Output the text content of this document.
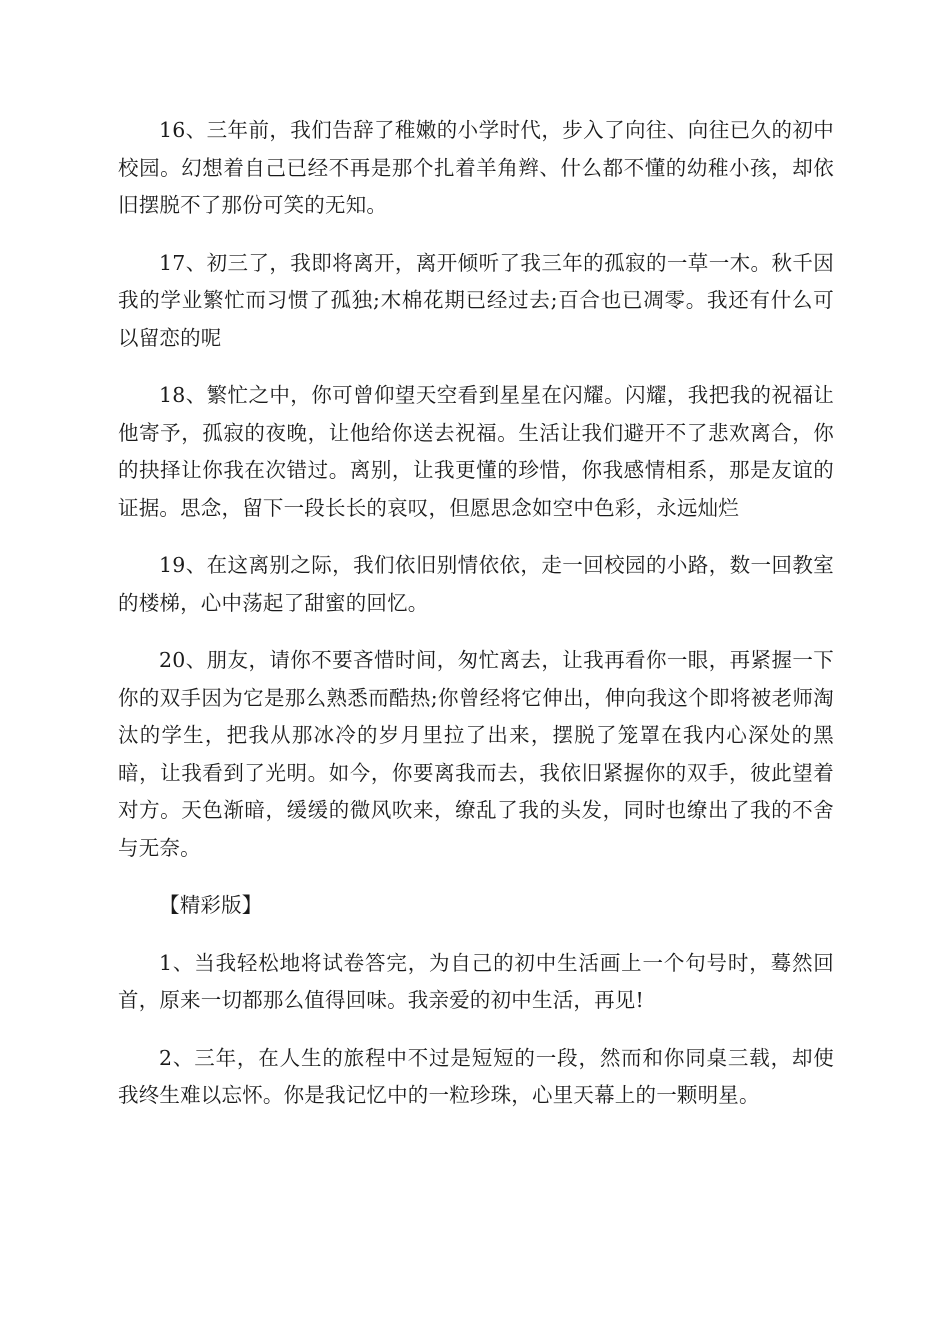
16、三年前，我们告辞了稚嫩的小学时代，步入了向往、向往已久的初中校园。幻想着自己已经不再是那个扎着羊角辫、什么都不懂的幼稚小孩，却依旧摆脱不了那份可笑的无知。

17、初三了，我即将离开，离开倾听了我三年的孤寂的一草一木。秋千因我的学业繁忙而习惯了孤独;木棉花期已经过去;百合也已凋零。我还有什么可以留恋的呢

18、繁忙之中，你可曾仰望天空看到星星在闪耀。闪耀，我把我的祝福让他寄予，孤寂的夜晚，让他给你送去祝福。生活让我们避开不了悲欢离合，你的抉择让你我在次错过。离别，让我更懂的珍惜，你我感情相系，那是友谊的证据。思念，留下一段长长的哀叹，但愿思念如空中色彩，永远灿烂

19、在这离别之际，我们依旧别情依依，走一回校园的小路，数一回教室的楼梯，心中荡起了甜蜜的回忆。

20、朋友，请你不要吝惜时间，匆忙离去，让我再看你一眼，再紧握一下你的双手因为它是那么熟悉而酷热;你曾经将它伸出，伸向我这个即将被老师淘汰的学生，把我从那冰冷的岁月里拉了出来，摆脱了笼罩在我内心深处的黑暗，让我看到了光明。如今，你要离我而去，我依旧紧握你的双手，彼此望着对方。天色渐暗，缓缓的微风吹来，缭乱了我的头发，同时也缭出了我的不舍与无奈。

【精彩版】

1、当我轻松地将试卷答完，为自己的初中生活画上一个句号时，蓦然回首，原来一切都那么值得回味。我亲爱的初中生活，再见!

2、三年，在人生的旅程中不过是短短的一段，然而和你同桌三载，却使我终生难以忘怀。你是我记忆中的一粒珍珠，心里天幕上的一颗明星。
